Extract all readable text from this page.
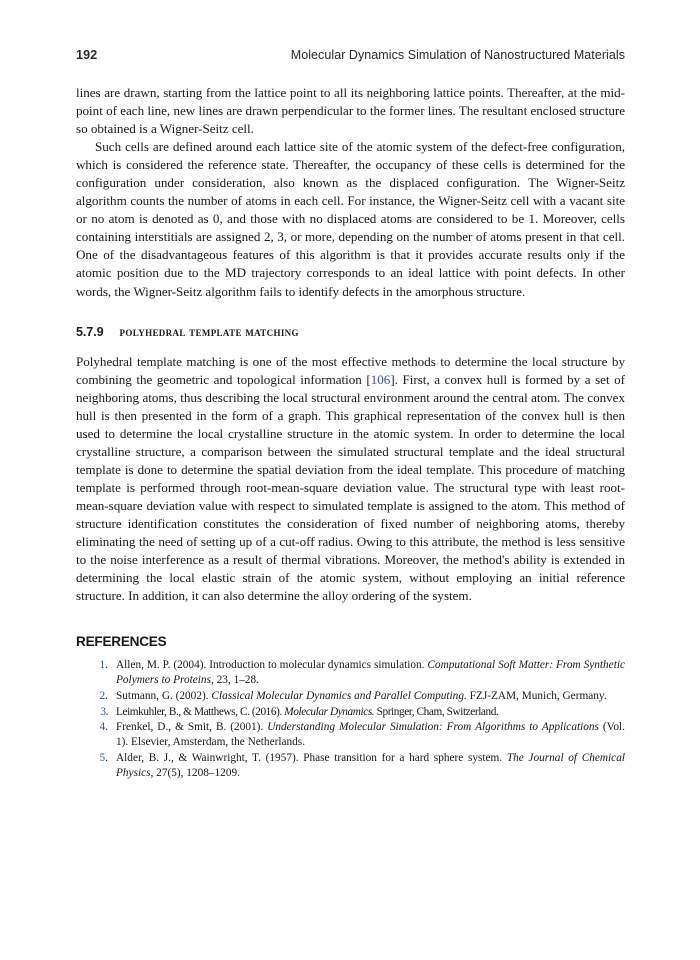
192	Molecular Dynamics Simulation of Nanostructured Materials

lines are drawn, starting from the lattice point to all its neighboring lattice points. Thereafter, at the mid-point of each line, new lines are drawn perpendicular to the former lines. The resultant enclosed structure so obtained is a Wigner-Seitz cell.

Such cells are defined around each lattice site of the atomic system of the defect-free configuration, which is considered the reference state. Thereafter, the occupancy of these cells is determined for the configuration under consideration, also known as the displaced configuration. The Wigner-Seitz algorithm counts the number of atoms in each cell. For instance, the Wigner-Seitz cell with a vacant site or no atom is denoted as 0, and those with no displaced atoms are considered to be 1. Moreover, cells containing interstitials are assigned 2, 3, or more, depending on the number of atoms present in that cell. One of the disadvantageous features of this algorithm is that it provides accurate results only if the atomic position due to the MD trajectory corresponds to an ideal lattice with point defects. In other words, the Wigner-Seitz algorithm fails to identify defects in the amorphous structure.

5.7.9 polyhedral template matching

Polyhedral template matching is one of the most effective methods to determine the local structure by combining the geometric and topological information [106]. First, a convex hull is formed by a set of neighboring atoms, thus describing the local structural environment around the central atom. The convex hull is then presented in the form of a graph. This graphical representation of the convex hull is then used to determine the local crystalline structure in the atomic system. In order to determine the local crystalline structure, a comparison between the simulated structural template and the ideal structural template is done to determine the spatial deviation from the ideal template. This procedure of matching template is performed through root-mean-square deviation value. The structural type with least root-mean-square deviation value with respect to simulated template is assigned to the atom. This method of structure identification constitutes the consideration of fixed number of neighboring atoms, thereby eliminating the need of setting up of a cut-off radius. Owing to this attribute, the method is less sensitive to the noise interference as a result of thermal vibrations. Moreover, the method's ability is extended in determining the local elastic strain of the atomic system, without employing an initial reference structure. In addition, it can also determine the alloy ordering of the system.

REFERENCES
1 . Allen, M. P. (2004). Introduction to molecular dynamics simulation. Computational Soft Matter: From Synthetic Polymers to Proteins, 23, 1–28.
2 . Sutmann, G. (2002). Classical Molecular Dynamics and Parallel Computing. FZJ-ZAM, Munich, Germany.
3 . Leimkuhler, B., & Matthews, C. (2016). Molecular Dynamics. Springer, Cham, Switzerland.
4 . Frenkel, D., & Smit, B. (2001). Understanding Molecular Simulation: From Algorithms to Applications (Vol. 1). Elsevier, Amsterdam, the Netherlands.
5 . Alder, B. J., & Wainwright, T. (1957). Phase transition for a hard sphere system. The Journal of Chemical Physics, 27(5), 1208–1209.
